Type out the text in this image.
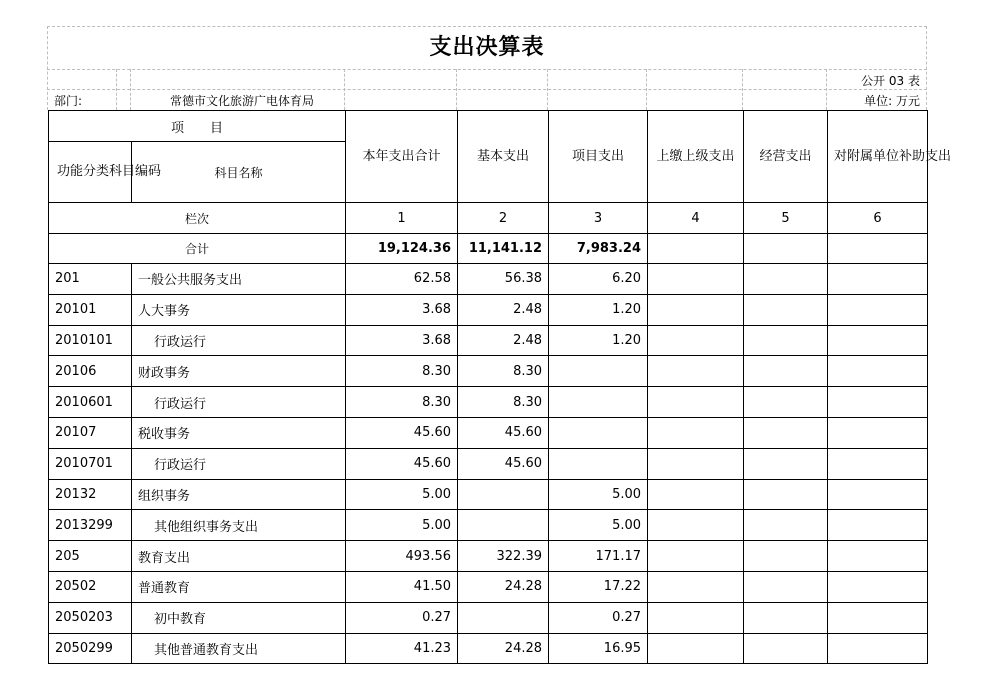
支出决算表
公开 03 表
部门:	常德市文化旅游广电体育局	单位: 万元
项　　目		本年支出合计	基本支出	项目支出	上缴上级支出	经营支出	对附属单位补助支出
功能分类科目编码	科目名称						
栏次		1	2	3	4	5	6
合计		19,124.36	11,141.12	7,983.24			
201	一般公共服务支出	62.58	56.38	6.20			
20101	人大事务	3.68	2.48	1.20			
2010101	行政运行	3.68	2.48	1.20			
20106	财政事务	8.30	8.30				
2010601	行政运行	8.30	8.30				
20107	税收事务	45.60	45.60				
2010701	行政运行	45.60	45.60				
20132	组织事务	5.00		5.00			
2013299	其他组织事务支出	5.00		5.00			
205	教育支出	493.56	322.39	171.17			
20502	普通教育	41.50	24.28	17.22			
2050203	初中教育	0.27		0.27			
2050299	其他普通教育支出	41.23	24.28	16.95			
